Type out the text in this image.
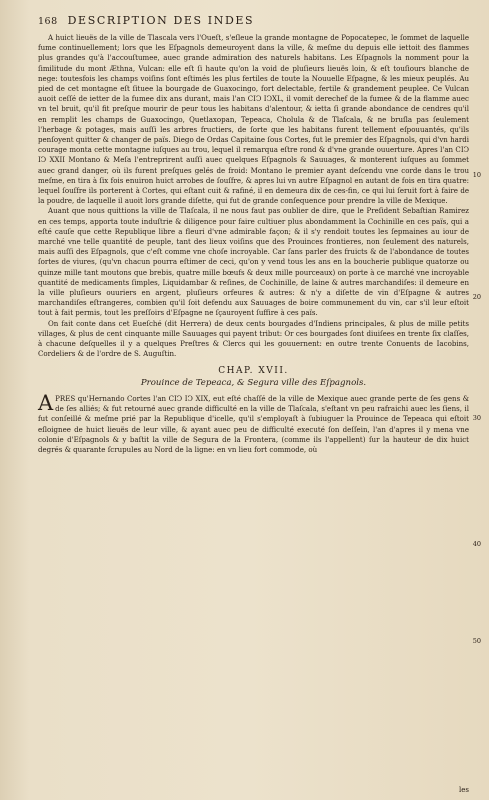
168 DESCRIPTION DES INDES

A huict lieuës de la ville de Tlascala vers l'Oueſt, s'eſleue la grande montagne de Popocatepec, le ſommet de laquelle fume continuellement; lors que les Eſpagnols demeuroyent dans la ville, & meſme du depuis elle iettoit des flammes plus grandes qu'à l'accouſtumee, auec grande admiration des naturels habitans. Les Eſpagnols la nomment pour la ſimilitude du mont Æthna, Vulcan: elle eſt ſi haute qu'on la void de pluſieurs lieuës loin, & eſt touſiours blanche de nege: toutesfois les champs voiſins ſont eſtimés les plus fertiles de toute la Nouuelle Eſpagne, & les mieux peuplés. Au pied de cet montagne eſt ſituee la bourgade de Guaxocingo, fort delectable, fertile & grandement peuplee. Ce Vulcan auoit ceſſé de ietter de la fumee dix ans durant, mais l'an CIↃ IↃXL, il vomit derechef de la fumee & de la flamme auec vn tel bruit, qu'il fit preſque mourir de peur tous les habitans d'alentour, & ietta ſi grande abondance de cendres qu'il en remplit les champs de Guaxocingo, Quetlaxopan, Tepeaca, Cholula & de Tlaſcala, & ne bruſla pas ſeulement l'herbage & potages, mais auſſi les arbres fructiers, de ſorte que les habitans furent tellement eſpouuantés, qu'ils penſoyent quitter & changer de païs. Diego de Ordas Capitaine ſous Cortes, fut le premier des Eſpagnols, qui d'vn hardi courage monta cette montagne iuſques au trou, lequel il remarqua eſtre rond & d'vne grande ouuerture. Apres l'an CIↃ IↃ XXII Montano & Meſa l'entreprirent auſſi auec quelques Eſpagnols & Sauuages, & monterent iuſques au ſommet auec grand danger, où ils furent preſques gelés de froid: Montano le premier ayant deſcendu vne corde dans le trou meſme, en tira à ſix fois enuiron huict arrobes de ſouſfre, & apres lui vn autre Eſpagnol en autant de fois en tira quatre: lequel ſouſfre ils porterent à Cortes, qui eſtant cuit & rafiné, il en demeura dix de ces-fin, ce qui lui ſeruit fort à faire de la poudre, de laquelle il auoit lors grande diſette, qui fut de grande conſequence pour prendre la ville de Mexique.

Auant que nous quittions la ville de Tlaſcala, il ne nous faut pas oublier de dire, que le Preſident Sebaſtian Ramirez en ces temps, apporta toute induſtrie & diligence pour faire cultiuer plus abondamment la Cochinille en ces païs, qui a eſté cauſe que cette Republique libre a fleuri d'vne admirable façon; & il s'y rendoit toutes les ſepmaines au iour de marché vne telle quantité de peuple, tant des lieux voiſins que des Prouinces frontieres, non ſeulement des naturels, mais auſſi des Eſpagnols, que c'eſt comme vne choſe incroyable. Car ſans parler des fruicts & de l'abondance de toutes ſortes de viures, (qu'vn chacun pourra eſtimer de ceci, qu'on y vend tous les ans en la boucherie publique quatorze ou quinze mille tant moutons que brebis, quatre mille bœufs & deux mille pourceaux) on porte à ce marché vne incroyable quantité de medicaments ſimples, Liquidambar & reſines, de Cochinille, de laine & autres marchandiſes: il demeure en la ville pluſieurs ouuriers en argent, pluſieurs orfeures & autres: & n'y a diſette de vin d'Eſpagne & autres marchandiſes eſtrangeres, combien qu'il ſoit defendu aux Sauuages de boire communement du vin, car s'il leur eſtoit tout à fait permis, tout les preſſoirs d'Eſpagne ne ſçauroyent ſuffire à ces païs.

On fait conte dans cet Eueſché (dit Herrera) de deux cents bourgades d'Indiens principales, & plus de mille petits villages, & plus de cent cinquante mille Sauuages qui payent tribut: Or ces bourgades ſont diuiſees en trente ſix claſſes, à chacune deſquelles il y a quelques Preſtres & Clercs qui les gouuernent: en outre trente Conuents de Iacobins, Cordeliers & de l'ordre de S. Auguſtin.

CHAP. XVII.
Prouince de Tepeaca, & Segura ville des Eſpagnols.

APRES qu'Hernando Cortes l'an CIↃ IↃ XIX, eut eſté chaſſé de la ville de Mexique auec grande perte de ſes gens & de ſes alliés; & fut retourné auec grande difficulté en la ville de Tlaſcala, s'eſtant vn peu rafraichi auec les ſiens, il fut conſeillé & meſme prié par la Republique d'icelle, qu'il s'employaſt à ſubiuguer la Prouince de Tepeaca qui eſtoit eſloignee de huict lieuës de leur ville, & ayant auec peu de difficulté executé ſon deſſein, l'an d'apres il y mena vne colonie d'Eſpagnols & y baſtit la ville de Segura de la Frontera, (comme ils l'appellent) ſur la hauteur de dix huict degrés & quarante ſcrupules au Nord de la ligne: en vn lieu fort commode, où

10
20
30
40
50
les
